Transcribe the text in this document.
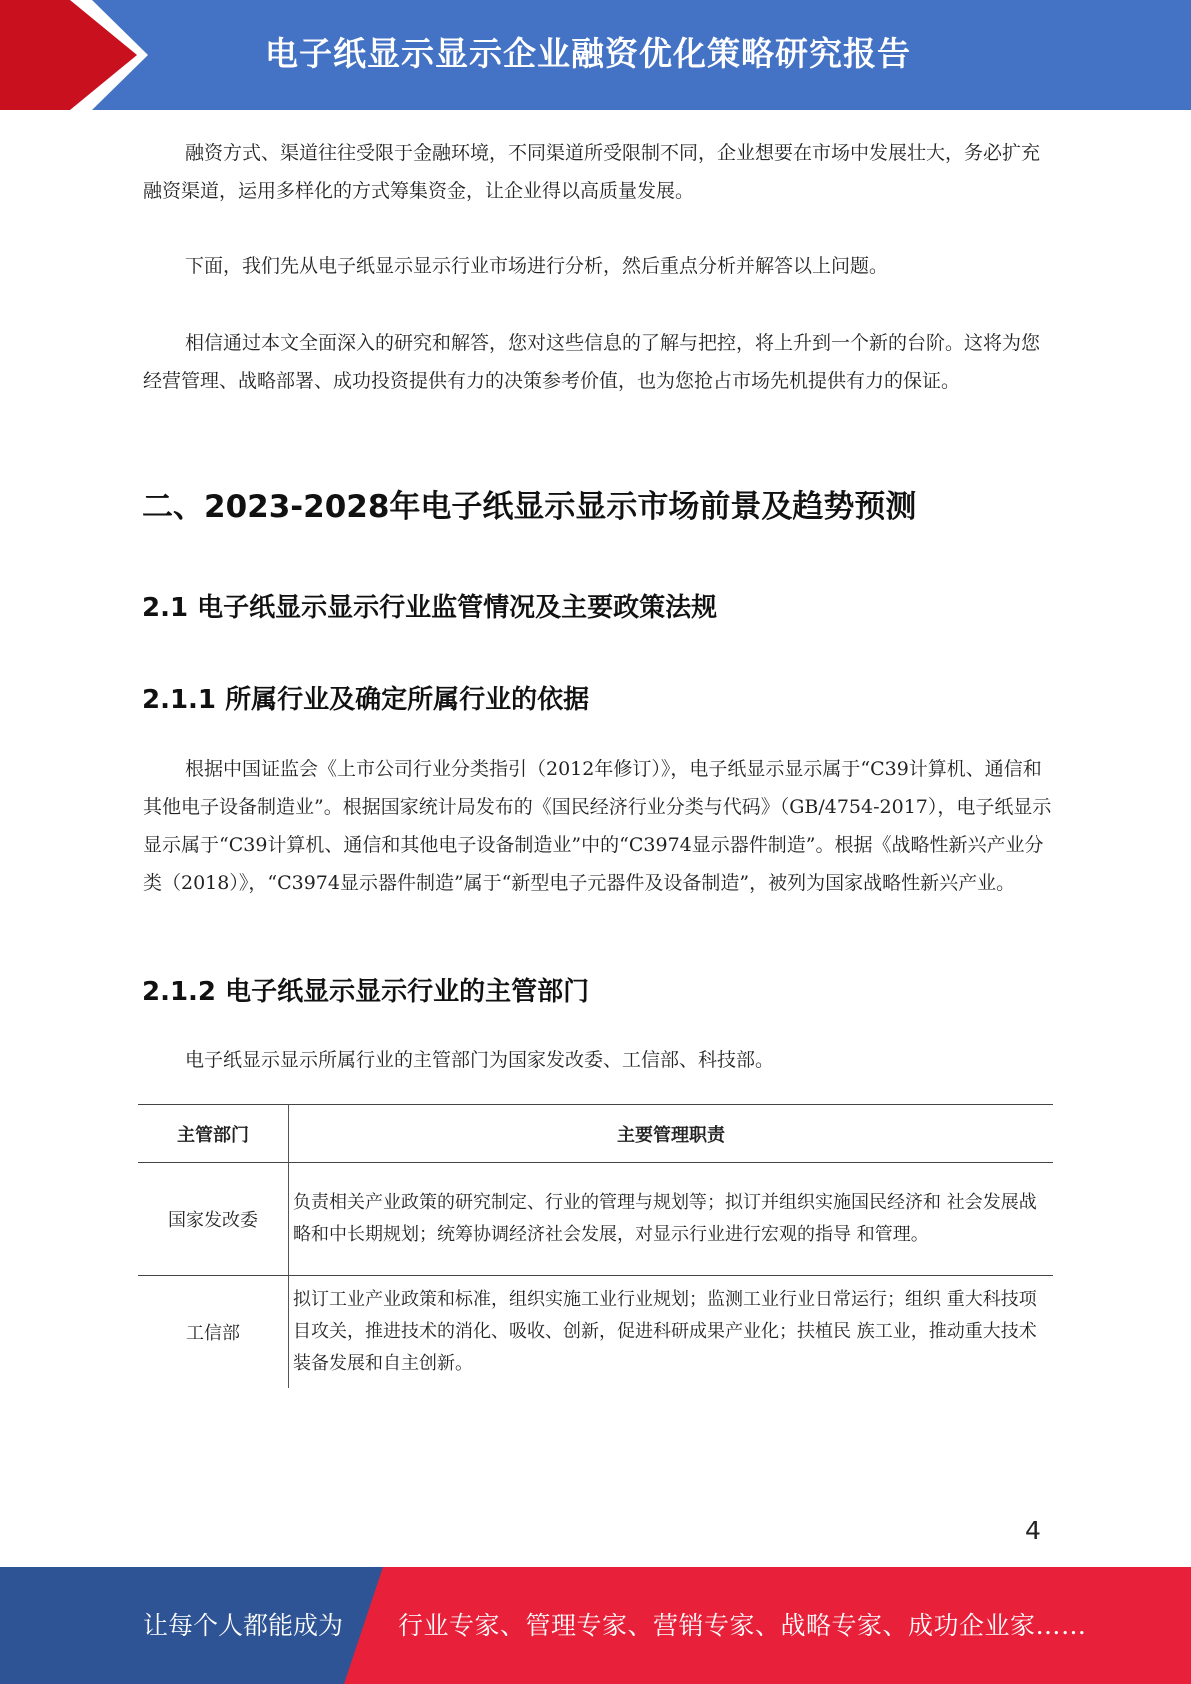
电子纸显示显示企业融资优化策略研究报告
融资方式、渠道往往受限于金融环境，不同渠道所受限制不同，企业想要在市场中发展壮大，务必扩充融资渠道，运用多样化的方式筹集资金，让企业得以高质量发展。
下面，我们先从电子纸显示显示行业市场进行分析，然后重点分析并解答以上问题。
相信通过本文全面深入的研究和解答，您对这些信息的了解与把控，将上升到一个新的台阶。这将为您经营管理、战略部署、成功投资提供有力的决策参考价值，也为您抢占市场先机提供有力的保证。
二、2023-2028年电子纸显示显示市场前景及趋势预测
2.1 电子纸显示显示行业监管情况及主要政策法规
2.1.1 所属行业及确定所属行业的依据
根据中国证监会《上市公司行业分类指引（2012年修订）》，电子纸显示显示属于“C39计算机、通信和其他电子设备制造业”。根据国家统计局发布的《国民经济行业分类与代码》（GB/4754-2017），电子纸显示显示属于“C39计算机、通信和其他电子设备制造业”中的“C3974显示器件制造”。根据《战略性新兴产业分类（2018）》，“C3974显示器件制造”属于“新型电子元器件及设备制造”，被列为国家战略性新兴产业。
2.1.2 电子纸显示显示行业的主管部门
电子纸显示显示所属行业的主管部门为国家发改委、工信部、科技部。
主管部门	主要管理职责
国家发改委	负责相关产业政策的研究制定、行业的管理与规划等；拟订并组织实施国民经济和 社会发展战略和中长期规划；统筹协调经济社会发展，对显示行业进行宏观的指导 和管理。
工信部	拟订工业产业政策和标准，组织实施工业行业规划；监测工业行业日常运行；组织 重大科技项目攻关，推进技术的消化、吸收、创新，促进科研成果产业化；扶植民 族工业，推动重大技术装备发展和自主创新。
4
让每个人都能成为 行业专家、管理专家、营销专家、战略专家、成功企业家……
